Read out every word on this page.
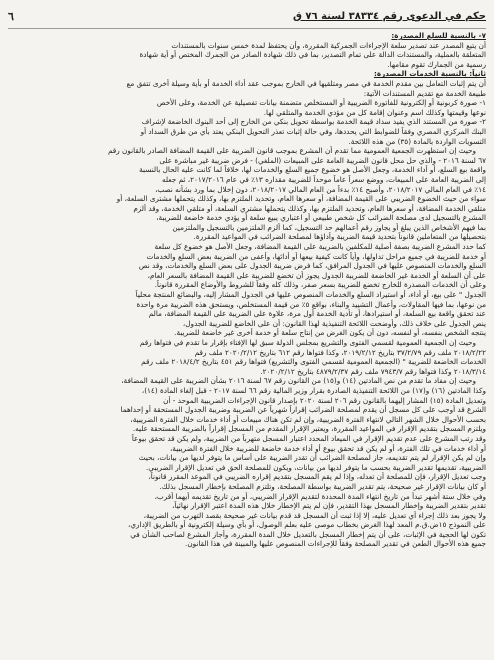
حكم في الدعوى رقم ٣٨٣٣٤ لسنة ٧٦ ق
٦
٧- بالنسبة للسلع المصدرة:
أن يتبع المصدر عند تصدير سلعة الإجراءات الجمركية المقررة، وأن يحتفظ لمدة خمس سنوات بالمستندات
المتعلقة بالعملية، والمستندات الدالة على تمام التصدير، بما في ذلك شهادة الصادر من الجمرك المختص أو أية شهادة
رسمية من الجمارك تقوم مقامها.
ثانياً: بالنسبة الخدمات المصدرة:
أن يتم إثبات التعامل بين مقدم الخدمة في مصر ومتلقيها في الخارج بموجب عقد أداء الخدمة أو بأية وسيلة أخرى تتفق مع
طبيعة الخدمة مع تقديم المستندات الآتية:
١- صورة كربونية أو إلكترونية للفاتورة الضريبية أو المستخلص متضمنة بيانات تفصيلية عن الخدمة، وعلى الأخص
نوعها وقيمتها وكذلك اسم وعنوان إقامة كل من مؤدي الخدمة والمتلقي لها.
٢- صورة من المستند الذي يفيد سداد قيمة الخدمة بواسطة تحويل بنكي من الخارج إلى أحد البنوك الخاضعة لإشراف
البنك المركزي المصري وفقاً للضوابط التي يحددها، وفي حالة إثبات تعذر التحويل البنكي يعتد بأي من طرق السداد أو
التسويات الواردة بالمادة (٣٥) من هذه اللائحة.
وحيث إن استظهرت الجمعية العمومية مما تقدم أن المشرع بموجب قانون الضريبة على القيمة المضافة الصادر بالقانون رقم
٦٧ لسنة ٢٠١٦ - والذي حل محل قانون الضريبة العامة على المبيعات (الملغي) - فرض ضريبة غير مباشرة على
واقعة بيع السلع، أو أداء الخدمة، وجعل الأصل هو خضوع جميع السلع والخدمات لها، خلافاً لما كانت عليه الحال بالنسبة
إلى الضريبة العامة على المبيعات، ووضع سعراً عاماً موحداً للضريبة مقداره ١٣٪ في عام ٢٠١٧/٢٠١٦، ثم جعله
١٤٪ في العام المالي ٢٠١٨/٢٠١٧، وأصبح ١٤٪ بدءاً من العام المالي ٢٠١٨/٢٠١٧، دون إخلال بما ورد بشأنه نصب،
سواء من حيث الخضوع الضريبي على القيمة المضافة، أو سعرها العام، وتحديد الملتزم بها، وكذلك يتحملها مشترى السلعة، أو
متلقي الخدمة المضافة، أو سعرها العام، وتحديد الملتزم بها، وكذلك يتحملها مشتري السلعة، أو متلقي الخدمة، وقد ألزم
المشرع بالتسجيل لدى مصلحة الضرائب كل شخص طبيعي أو اعتباري يبيع سلعة أو يؤدي خدمة خاضعة للضريبة،
بما فيهم الأشخاص الذين يبلغ أو يجاوز رقم أعمالهم حد التسجيل، كما ألزم الملتزمين بالتسجيل والملتزمين
بتحصيلها من المتعاملين قانوناً بتحديد قيمة الضريبة وأداؤها لمصلحة الضرائب في المواعيد المقررة.
كما حدد المشرع الضريبة بصفة أصلية للمكلفين بالضريبة على القيمة المضافة، وجعل الأصل هو خضوع كل سلعة
أو خدمة للضريبة في جميع مراحل تداولها، وأياً كانت كيفية بيعها أو أدائها، وأعفى من الضريبة بعض السلع والخدمات
السلع والخدمات المنصوص عليها في الجدول المرافق، كما فرض ضريبة الجدول على بعض السلع والخدمات، وقد نص
على أن السلعة أو الخدمة غير الخاضعة للضريبة الجدول يجوز أن تخضع للضريبة على القيمة المضافة بالسعر العام،
وعلى أن الخدمات المصدرة للخارج تخضع للضريبة بسعر صفر، وذلك كله وفقاً للشروط والأوضاع المقررة قانوناً.
الجدول " على بيع، أو أداء، أو استيراد السلع والخدمات المنصوص عليها في الجدول المشار إليه، والبضائع المنتجة محلياً
من نوعها، بما فيها المقاولات، وأعمال التشييد والبناء، بواقع ٥٪ من قيمة المستخلص، ويستحق هذه الضريبة مرة واحدة
عند تحقق واقعة بيع السلعة، أو استيرادها، أو تأدية الخدمة أول مرة، علاوة على الضريبة على القيمة المضافة، مالم
ينص الجدول على خلاف ذلك، وأوضحت اللائحة التنفيذية لهذا القانون: أن على الخاضع للضريبة الجدول،
ينتجه الشخص بنفسه، أو لنفسه، دون أن يكون الغرض من إنتاج سلعة أو خدمة أخرى غير خاضعة للضريبة.
وحيث إن الجمعية العمومية لقسمي الفتوى والتشريع بمجلس الدولة سبق لها الإفتاء بإقرار ما تقدم في فتواها رقم
٢٠١٨/٢/٢٢ ملف رقم ٣٧/٢/٧٩ بتاريخ ٢٠١٩/٢/١٢، وكذا فتواها رقم ٦١٢ بتاريخ ٢٠٢٠/٢/١٢ ملف رقم
الخدمات الخاضعة للضريبة " (الجمعية العمومية لقسمي الفتوى والتشريع) فتواها رقم ٤٥١ بتاريخ ٢٠١٨/٤/٢ ملف رقم
٢٠١٨/٣/١٤ وكذا فتواها رقم ٧٩٤٣/٧ ملف رقم ٤٨٧٩/٢/٣٧ بتاريخ ٢٠٢٠/٢/١٢.
وحيث إن مفاد ما تقدم من نص المادتين (١٤) و(١٥) من القانون رقم ٦٧ لسنة ٢٠١٦ بشأن الضريبة على القيمة المضافة،
وكذا المادتين (١٦) و(١٧) من اللائحة التنفيذية الصادرة بقرار وزير المالية رقم ٦٦ لسنة ٢٠١٧ - قبل إلغاء المادة (١٤)،
وتعديل المادة (١٥) المشار إليهما بالقانون رقم ٢٠٦ لسنة ٢٠٢٠ بإصدار قانون الإجراءات الضريبية الموحد - أن
الشرع قد أوجب على كل مسجل أن يقدم لمصلحة الضرائب إقراراً شهرياً عن الضريبة وضريبة الجدول المستحقة أو إحداهما
بحسب الأحوال خلال الشهر التالي لانتهاء الفترة الضريبية، وإن لم تكن هناك مبيعات أو أداء خدمات خلال الفترة الضريبية،
ويلتزم المسجل بتقديم الإقرار في المواعيد المقررة، ويعتبر الإقرار المقدم من المسجل إقراراً بالضريبة المستحقة عليه.
وقد رتب المشرع على عدم تقديم الإقرار في الميعاد المحدد اعتبار المسجل متهرباً من الضريبة، ولم يكن قد تحقق بيوعاً
أو أداء خدمات في تلك الفترة، أو لم يكن قد تحقق بيوع أو أداء خدمة خاضعة للضريبة خلال الفترة الضريبية،
وإن لم يكن الإقرار لم يتم تقديمه، جاز لمصلحة الضرائب أن تقدر الضريبة على أساس ما يتوفر لديها من بيانات، بحيث
الضريبية، تقديمها تقدير الضريبة بحسب ما يتوفر لديها من بيانات، ويكون للمصلحة الحق في تعديل الإقرار الضريبي.
وجب تعديل الإقرار، فإن للمصلحة أن تعدله، وإذا لم يقم المسجل بتقديم إقراره الضريبي في الموعد المقرر قانوناً،
أو كان بيانات الإقرار غير صحيحة، يتم تقدير الضريبة بواسطة المصلحة، وتلتزم المصلحة بإخطار المسجل بذلك.
وفي خلال ستة أشهر تبدأ من تاريخ انتهاء المدة المحددة لتقديم الإقرار الضريبي، أو من تاريخ تقديمه أيهما أقرب،
تقدير بتقدير الضريبة وإخطار المسجل بهذا التقدير، فإن لم يتم الإخطار خلال هذه المدة اعتبر الإقرار نهائياً،
ولا يجوز بعد ذلك إجراء أي تعديل عليه، إلا إذا ثبت أن المسجل قد قدم بيانات غير صحيحة بقصد التهرب من الضريبة،
على النموذج ١٥ض.ق.م المعد لهذا الغرض بخطاب موصى عليه بعلم الوصول، أو بأي وسيلة إلكترونية أو بالطريق الإداري،
تكون لها الحجية في الإثبات، على أن يتم إخطار المسجل بالتعديل خلال المدة المقررة، وأجاز المشرع لصاحب الشأن في
جميع هذه الأحوال الطعن في تقدير المصلحة وفقاً للإجراءات المنصوص عليها والمبينة في هذا القانون.
